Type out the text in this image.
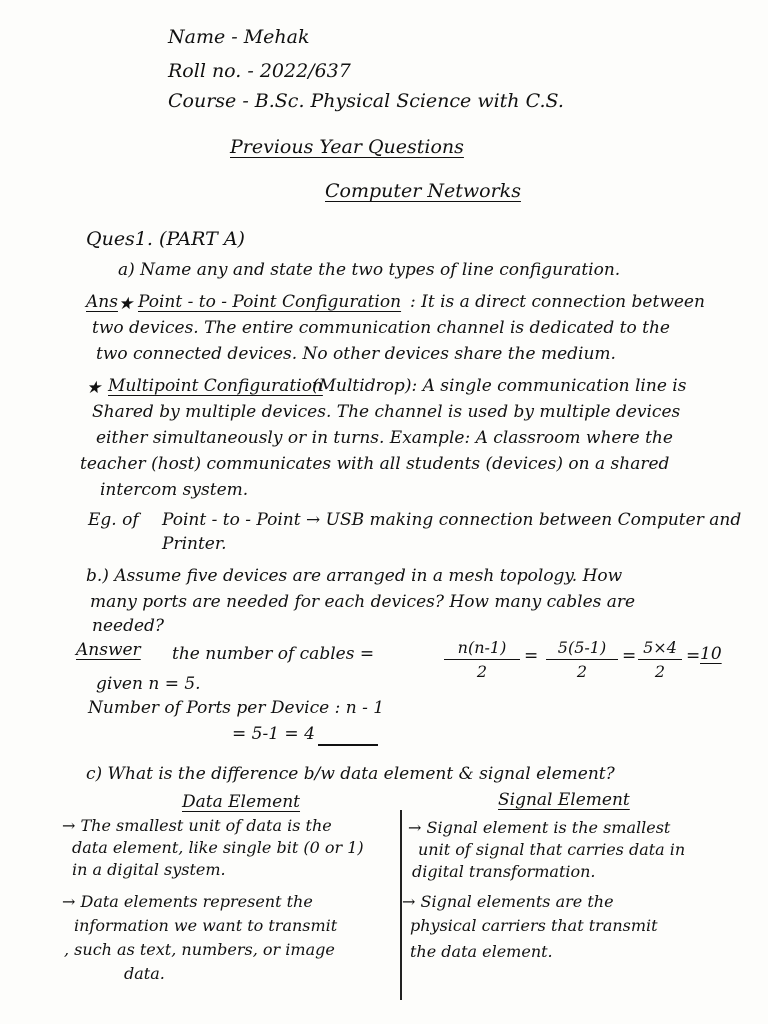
Name - Mehak
Roll no. - 2022/637
Course - B.Sc. Physical Science with C.S.
Previous Year Questions
Computer Networks
Ques1. (PART A)
a) Name any and state the two types of line configuration.
Ans ★ Point - to - Point Configuration : It is a direct connection between
two devices. The entire communication channel is dedicated to the
two connected devices. No other devices share the medium.
★ Multipoint Configuration
(Multidrop): A single communication line is
Shared by multiple devices. The channel is used by multiple devices
either simultaneously or in turns. Example: A classroom where the
teacher (host) communicates with all students (devices) on a shared
intercom system.
Eg. of Point - to - Point → USB making connection between Computer and
Printer.
b.) Assume five devices are arranged in a mesh topology. How
many ports are needed for each devices? How many cables are
needed?
Answer the number of cables =	$\frac{n(n-1)}{2} = \frac{5(5-1)}{2} = \frac{5\times 4}{2} = 10$
given n = 5.
Number of Ports per Device : n - 1
= 5-1 = 4
c) What is the difference b/w data element & signal element?
Data Element	Signal Element
→ The smallest unit of data is the
data element, like single bit (0 or 1)
in a digital system.
→ Data elements represent the
information we want to transmit
, such as text, numbers, or image
data.
→ Signal element is the smallest
unit of signal that carries data in
digital transformation.
→ Signal elements are the
physical carriers that transmit
the data element.
